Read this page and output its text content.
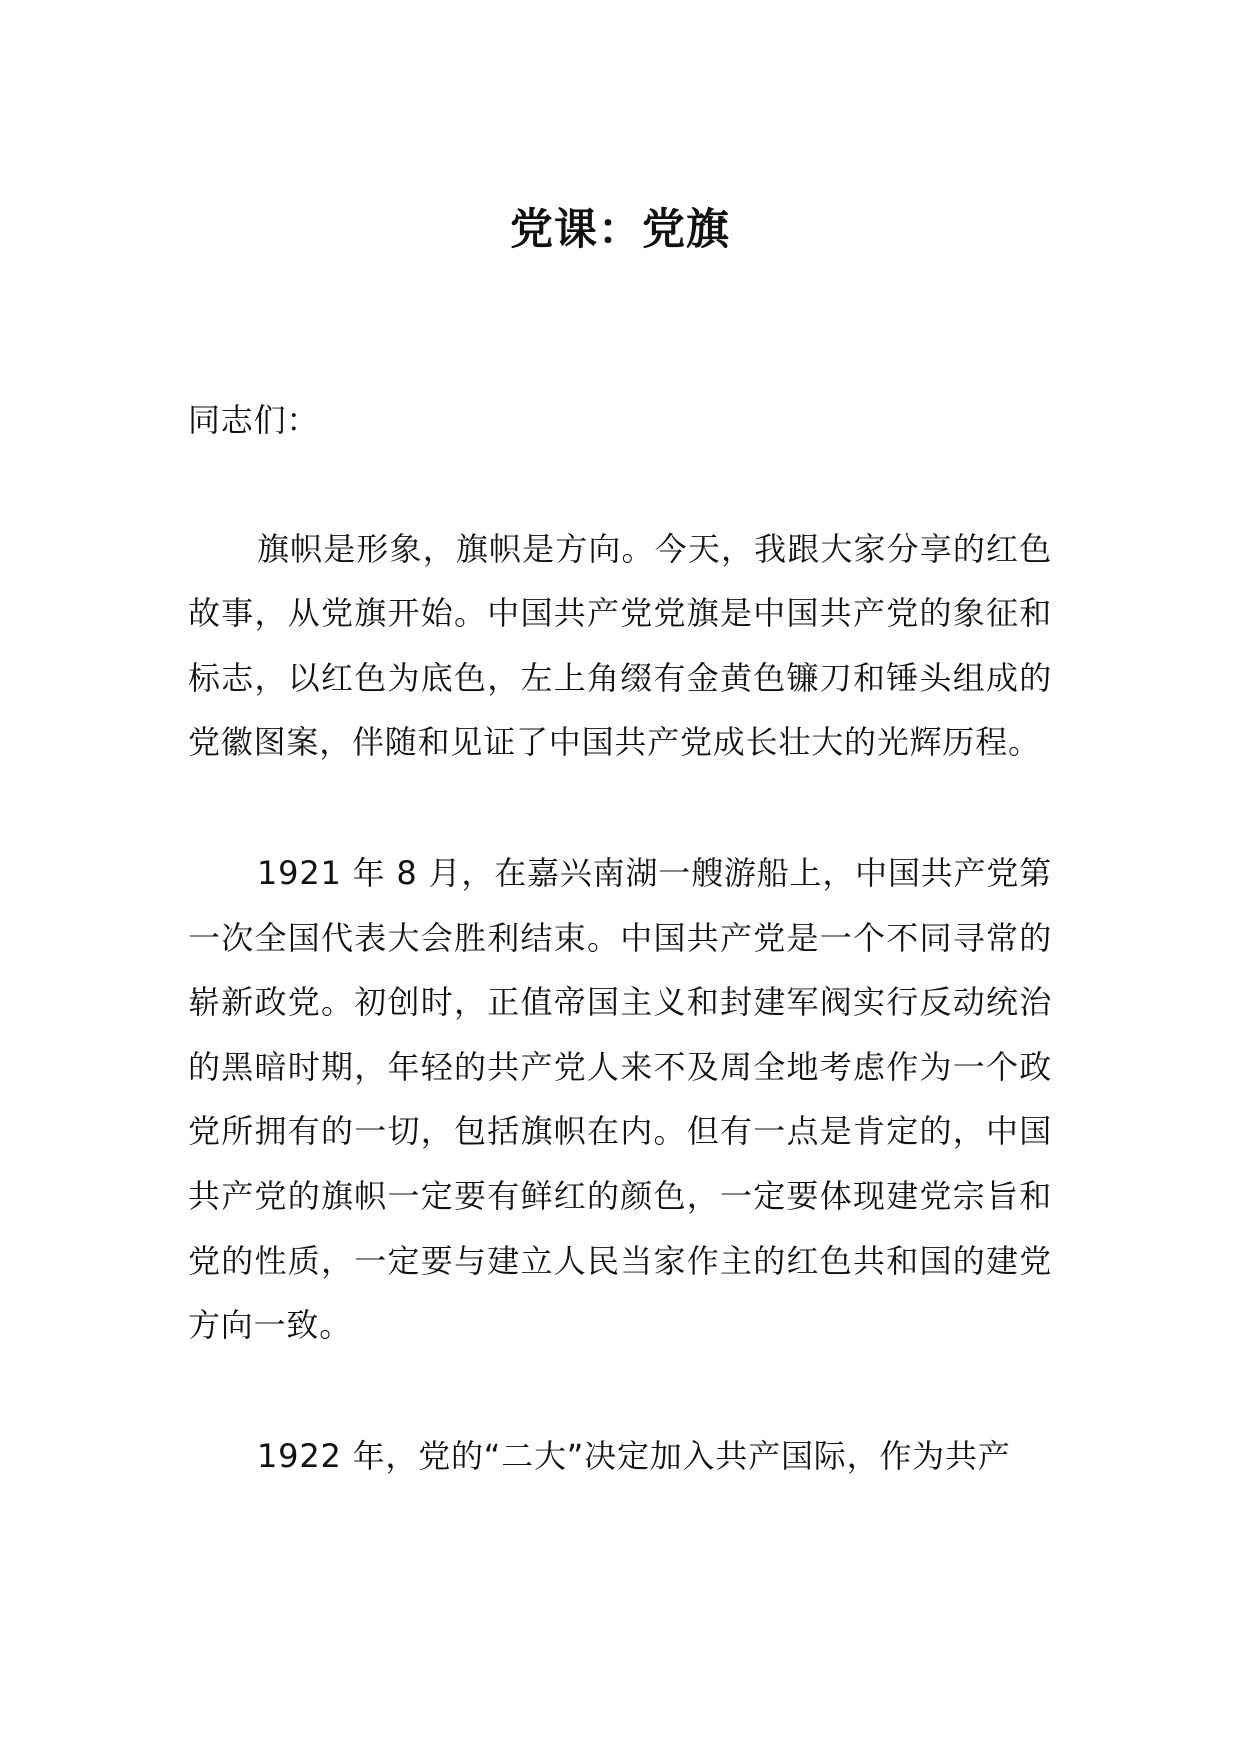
党课：党旗

同志们：

旗帜是形象，旗帜是方向。今天，我跟大家分享的红色故事，从党旗开始。中国共产党党旗是中国共产党的象征和标志，以红色为底色，左上角缀有金黄色镰刀和锤头组成的党徽图案，伴随和见证了中国共产党成长壮大的光辉历程。

1921 年 8 月，在嘉兴南湖一艘游船上，中国共产党第一次全国代表大会胜利结束。中国共产党是一个不同寻常的崭新政党。初创时，正值帝国主义和封建军阀实行反动统治的黑暗时期，年轻的共产党人来不及周全地考虑作为一个政党所拥有的一切，包括旗帜在内。但有一点是肯定的，中国共产党的旗帜一定要有鲜红的颜色，一定要体现建党宗旨和党的性质，一定要与建立人民当家作主的红色共和国的建党方向一致。

1922 年，党的“二大”决定加入共产国际，作为共产
